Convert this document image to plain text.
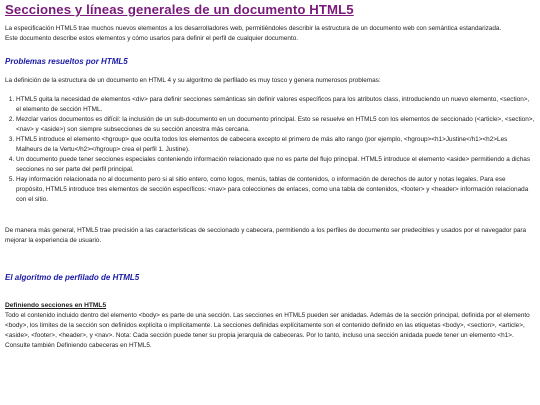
Secciones y líneas generales de un documento HTML5

La especificación HTML5 trae muchos nuevos elementos a los desarrolladores web, permitiéndoles describir la estructura de un documento web con semántica estandarizada.
Este documento describe estos elementos y cómo usarlos para definir el perfil de cualquier documento.

Problemas resueltos por HTML5

La definición de la estructura de un documento en HTML 4 y su algoritmo de perfilado es muy tosco y genera numerosos problemas:

1. HTML5 quita la necesidad de elementos <div> para definir secciones semánticas sin definir valores específicos para los atributos class, introduciendo un nuevo elemento, <section>, el elemento de sección HTML.
2. Mezclar varios documentos es difícil: la inclusión de un sub-documento en un documento principal. Esto se resuelve en HTML5 con los elementos de seccionado (<article>, <section>, <nav> y <aside>) son siempre subsecciones de su sección ancestra más cercana.
3. HTML5 introduce el elemento <hgroup> que oculta todos los elementos de cabecera excepto el primero de más alto rango (por ejemplo, <hgroup><h1>Justine</h1><h2>Les Malheurs de la Vertu</h2></hgroup> crea el perfil 1. Justine).
4. Un documento puede tener secciones especiales conteniendo información relacionado que no es parte del flujo principal. HTML5 introduce el elemento <aside> permitiendo a dichas secciones no ser parte del perfil principal.
5. Hay información relacionada no al documento pero si al sitio entero, como logos, menús, tablas de contenidos, o información de derechos de autor y notas legales. Para ese propósito, HTML5 introduce tres elementos de sección específicos: <nav> para colecciones de enlaces, como una tabla de contenidos, <footer> y <header> información relacionada con el sitio.

De manera más general, HTML5 trae precisión a las características de seccionado y cabecera, permitiendo a los perfiles de documento ser predecibles y usados por el navegador para mejorar la experiencia de usuario.

El algoritmo de perfilado de HTML5
Definiendo secciones en HTML5

Todo el contenido incluido dentro del elemento <body> es parte de una sección. Las secciones en HTML5 pueden ser anidadas. Además de la sección principal, definida por el elemento <body>, los límites de la sección son definidos explícita o implícitamente. La secciones definidas explícitamente son el contenido definido en las etiquetas <body>, <section>, <article>, <aside>, <footer>, <header>, y <nav>. Nota: Cada sección puede tener su propia jerarquía de cabeceras. Por lo tanto, incluso una sección anidada puede tener un elemento <h1>. Consulte también Definiendo cabeceras en HTML5.
